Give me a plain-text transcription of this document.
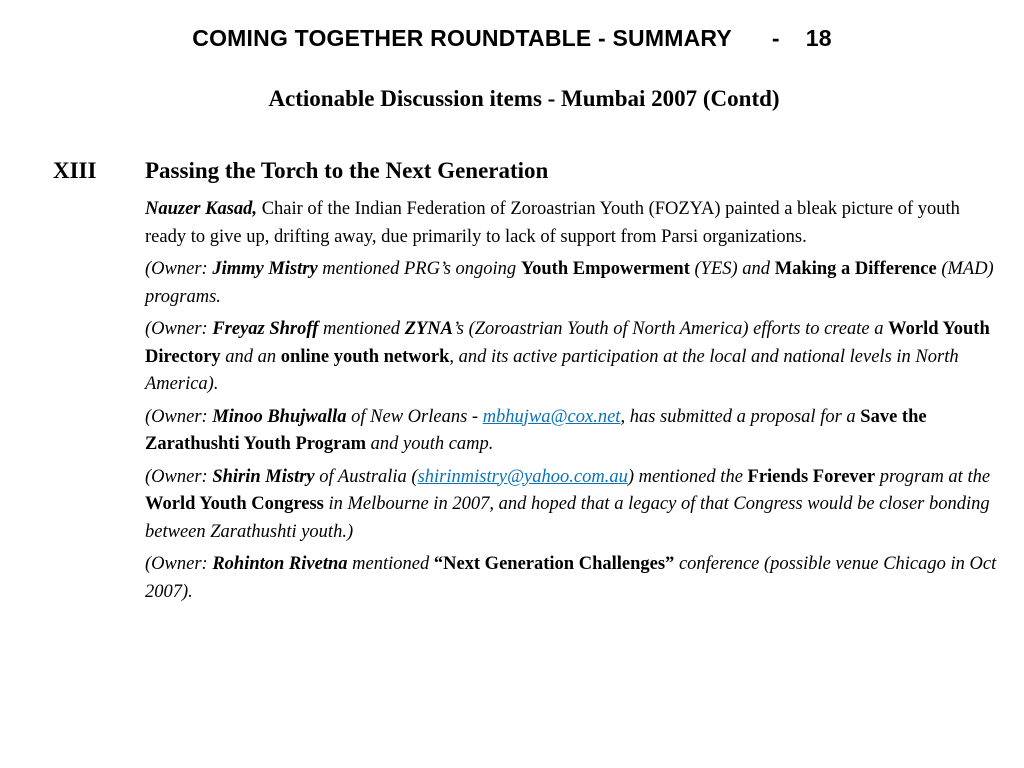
COMING TOGETHER ROUNDTABLE - SUMMARY - 18
Actionable Discussion items - Mumbai 2007 (Contd)
XIII Passing the Torch to the Next Generation

Nauzer Kasad, Chair of the Indian Federation of Zoroastrian Youth (FOZYA) painted a bleak picture of youth ready to give up, drifting away, due primarily to lack of support from Parsi organizations.

(Owner: Jimmy Mistry mentioned PRG’s ongoing Youth Empowerment (YES) and Making a Difference (MAD) programs.

(Owner: Freyaz Shroff mentioned ZYNA’s (Zoroastrian Youth of North America) efforts to create a World Youth Directory and an online youth network, and its active participation at the local and national levels in North America).

(Owner: Minoo Bhujwalla of New Orleans - mbhujwa@cox.net, has submitted a proposal for a Save the Zarathushti Youth Program and youth camp.

(Owner: Shirin Mistry of Australia (shirinmistry@yahoo.com.au) mentioned the Friends Forever program at the World Youth Congress in Melbourne in 2007, and hoped that a legacy of that Congress would be closer bonding between Zarathushti youth.)

(Owner: Rohinton Rivetna mentioned “Next Generation Challenges” conference (possible venue Chicago in Oct 2007).
